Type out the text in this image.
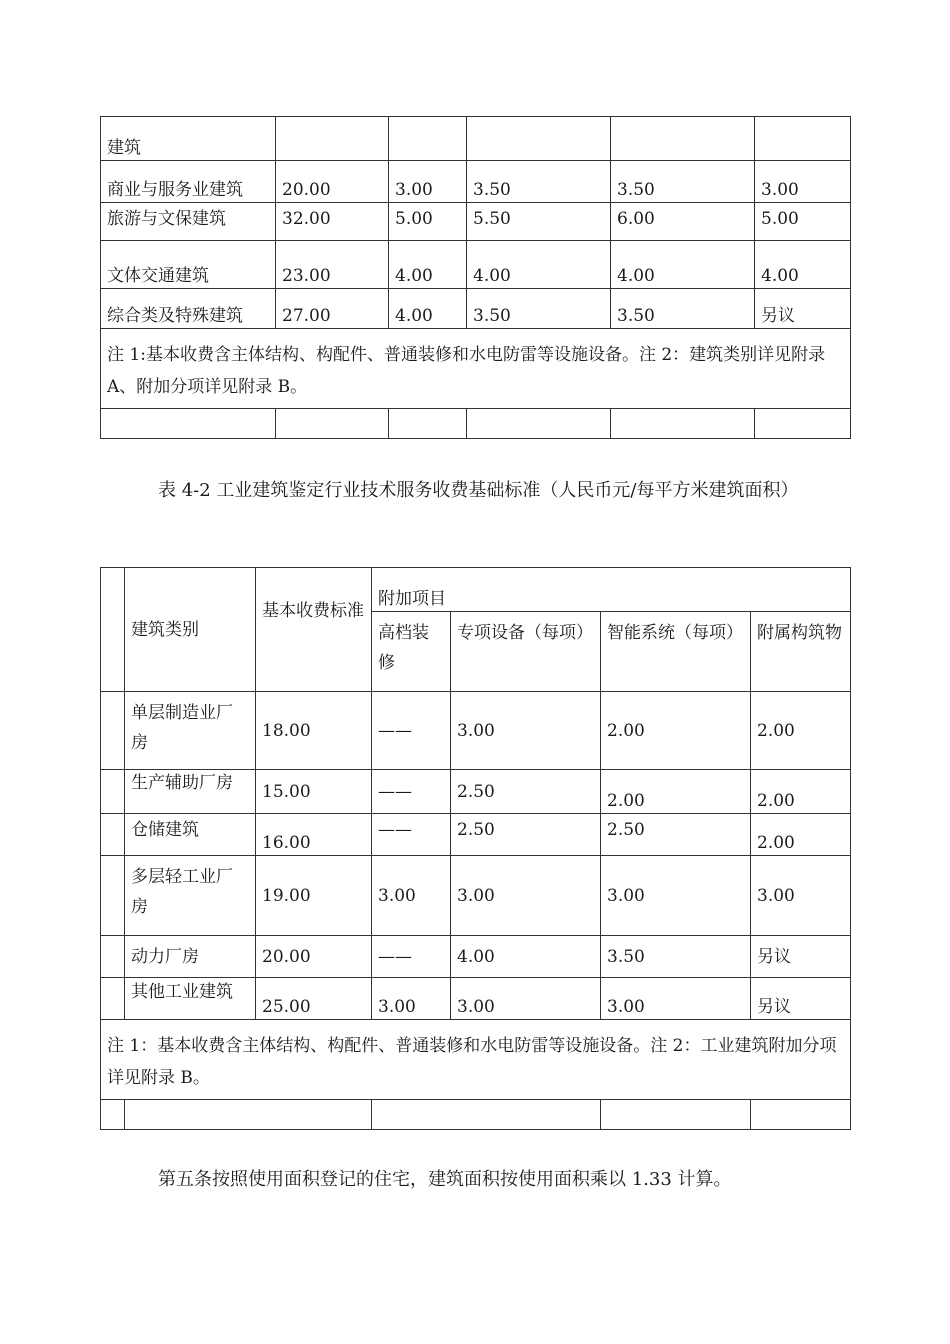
建筑					
商业与服务业建筑	20.00	3.00	3.50	3.50	3.00
旅游与文保建筑	32.00	5.00	5.50	6.00	5.00
文体交通建筑	23.00	4.00	4.00	4.00	4.00
综合类及特殊建筑	27.00	4.00	3.50	3.50	另议
注 1:基本收费含主体结构、构配件、普通装修和水电防雷等设施设备。注 2：建筑类别详见附录 A、附加分项详见附录 B。					

表 4-2 工业建筑鉴定行业技术服务收费基础标准（人民币元/每平方米建筑面积）
	建筑类别	基本收费标准	附加项目			
			高档装修	专项设备（每项）	智能系统（每项）	附属构筑物
	单层制造业厂房	18.00	——	3.00	2.00	2.00
	生产辅助厂房	15.00	——	2.50	2.00	2.00
	仓储建筑	16.00	——	2.50	2.50	2.00
	多层轻工业厂房	19.00	3.00	3.00	3.00	3.00
	动力厂房	20.00	——	4.00	3.50	另议
	其他工业建筑	25.00	3.00	3.00	3.00	另议
注 1：基本收费含主体结构、构配件、普通装修和水电防雷等设施设备。注 2：工业建筑附加分项详见附录 B。						

第五条按照使用面积登记的住宅，建筑面积按使用面积乘以 1.33 计算。
